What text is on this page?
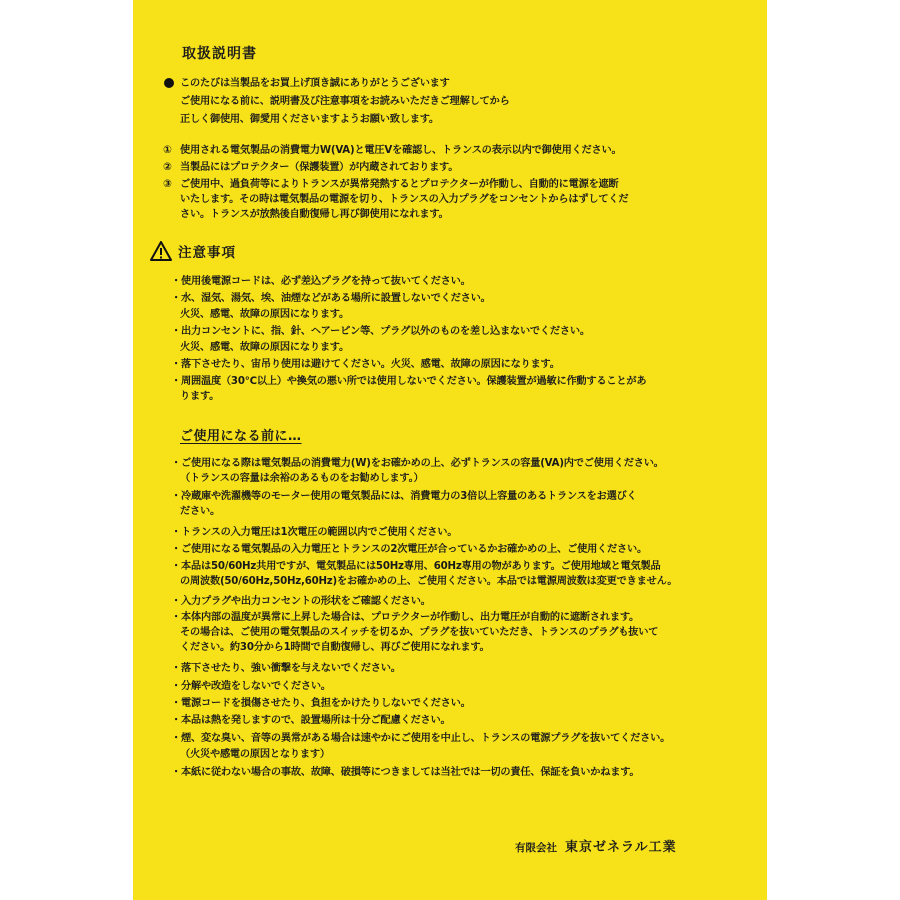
取扱説明書
このたびは当製品をお買上げ頂き誠にありがとうございます
ご使用になる前に、説明書及び注意事項をお読みいただきご理解してから
正しく御使用、御愛用くださいますようお願い致します。
① 使用される電気製品の消費電力W(VA)と電圧Vを確認し、トランスの表示以内で御使用ください。
② 当製品にはプロテクター（保護装置）が内蔵されております。
③ ご使用中、過負荷等によりトランスが異常発熱するとプロテクターが作動し、自動的に電源を遮断
いたします。その時は電気製品の電源を切り、トランスの入力プラグをコンセントからはずしてくだ
さい。トランスが放熱後自動復帰し再び御使用になれます。
注意事項
・使用後電源コードは、必ず差込プラグを持って抜いてください。
・水、湿気、湯気、埃、油煙などがある場所に設置しないでください。
火災、感電、故障の原因になります。
・出力コンセントに、指、針、ヘアーピン等、プラグ以外のものを差し込まないでください。
火災、感電、故障の原因になります。
・落下させたり、宙吊り使用は避けてください。火災、感電、故障の原因になります。
・周囲温度（30℃以上）や換気の悪い所では使用しないでください。保護装置が過敏に作動することがあ
ります。
ご使用になる前に…
・ご使用になる際は電気製品の消費電力(W)をお確かめの上、必ずトランスの容量(VA)内でご使用ください。
（トランスの容量は余裕のあるものをお勧めします。）
・冷蔵庫や洗濯機等のモーター使用の電気製品には、消費電力の3倍以上容量のあるトランスをお選びく
ださい。
・トランスの入力電圧は1次電圧の範囲以内でご使用ください。
・ご使用になる電気製品の入力電圧とトランスの2次電圧が合っているかお確かめの上、ご使用ください。
・本品は50/60Hz共用ですが、電気製品には50Hz専用、60Hz専用の物があります。ご使用地域と電気製品
の周波数(50/60Hz,50Hz,60Hz)をお確かめの上、ご使用ください。本品では電源周波数は変更できません。
・入力プラグや出力コンセントの形状をご確認ください。
・本体内部の温度が異常に上昇した場合は、プロテクターが作動し、出力電圧が自動的に遮断されます。
その場合は、ご使用の電気製品のスイッチを切るか、プラグを抜いていただき、トランスのプラグも抜いて
ください。約30分から1時間で自動復帰し、再びご使用になれます。
・落下させたり、強い衝撃を与えないでください。
・分解や改造をしないでください。
・電源コードを損傷させたり、負担をかけたりしないでください。
・本品は熱を発しますので、設置場所は十分ご配慮ください。
・煙、変な臭い、音等の異常がある場合は速やかにご使用を中止し、トランスの電源プラグを抜いてください。
（火災や感電の原因となります）
・本紙に従わない場合の事故、故障、破損等につきましては当社では一切の責任、保証を負いかねます。
有限会社 東京ゼネラル工業
